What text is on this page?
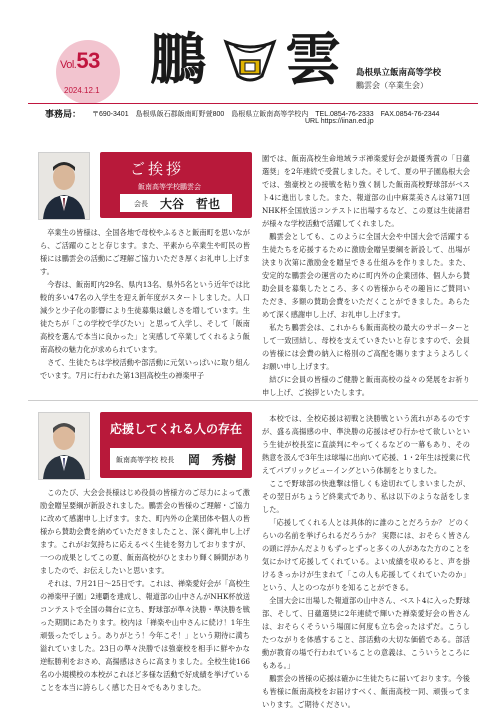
Vol.53
2024.12.1 鵬 雲 島根県立飯南高等学校
鵬雲会（卒業生会）
事務局： 〒690-3401　島根県飯石郡飯南町野萱800　島根県立飯南高等学校内　TEL.0854-76-2333　FAX.0854-76-2344
URL https://iinan.ed.jp
ご挨拶
飯南高等学校鵬雲会
会長 大谷　哲也

卒業生の皆様は、全国各地で母校やふるさと飯南町を思いながら、ご活躍のことと存じます。また、平素から卒業生や町民の皆様には鵬雲会の活動にご理解ご協力いただき厚くお礼申し上げます。

今春は、飯南町内29名、県内13名、県外5名という近年では比較的多い47名の入学生を迎え新年度がスタートしました。人口減少と少子化の影響により生徒募集は厳しさを増しています。生徒たちが「この学校で学びたい」と思って入学し、そして「飯南高校を選んで本当に良かった」と実感して卒業してくれるよう飯南高校の魅力化が求められています。

さて、生徒たちは学校活動や部活動に元気いっぱいに取り組んでいます。7月に行われた第13回高校生の禅楽甲子

園では、飯南高校生命地域ラボ禅楽愛好会が最優秀賞の「日蘊選奨」を2年連続で受賞しました。そして、夏の甲子園島根大会では、強豪校との接戦を粘り強く制した飯南高校野球部がベスト4に進出しました。また、報道部の山中麻菜美さんは第71回NHK杯全国放送コンテストに出場するなど、この夏は生徒諸君が様々な学校活動で活躍してくれました。

鵬雲会としても、このように全国大会や中国大会で活躍する生徒たちを応援するために激励金贈呈要綱を新設して、出場が決まり次第に激励金を贈呈できる仕組みを作りました。また、安定的な鵬雲会の運営のために町内外の企業団体、個人から賛助会員を募集したところ、多くの皆様からその趣旨にご賛同いただき、多額の賛助会費をいただくことができました。あらためて深く感謝申し上げ、お礼申し上げます。

私たち鵬雲会は、これからも飯南高校の最大のサポーターとして一致団結し、母校を支えていきたいと存じますので、会員の皆様には会費の納入に格別のご高配を賜りますようよろしくお願い申し上げます。

結びに会員の皆様のご健勝と飯南高校の益々の発展をお祈り申し上げ、ご挨拶といたします。

応援してくれる人の存在
飯南高等学校 校長 岡　秀樹

このたび、大会会長様はじめ役員の皆様方のご尽力によって激励金贈呈要綱が新設されました。鵬雲会の皆様のご理解・ご協力に改めて感謝申し上げます。また、町内外の企業団体や個人の皆様から賛助会費を納めていただきましたこと、深く御礼申し上げます。これがお気持ちに応えるべく生徒を努力しておりますが、一つの成果としてこの夏、飯南高校がひとまわり輝く瞬間がありましたので、お伝えしたいと思います。

それは、7月21日〜25日です。これは、禅楽愛好会が「高校生の禅楽甲子園」2連覇を達成し、報道部の山中さんがNHK杯放送コンテストで全国の舞台に立ち、野球部が準々決勝・準決勝を戦った期間にあたります。校内は「禅楽や山中さんに続け！1年生頑張ったでしょう。ありがとう！今年こそ！」という期待に満ち溢れていました。23日の準々決勝では強豪校を相手に鮮やかな逆転勝利をおさめ、高揚感はさらに高まりました。全校生徒166名の小規模校の本校がこれほど多様な活動で好成績を挙げていることを本当に誇らしく感じた日々でもありました。

本校では、全校応援は初戦と決勝戦という流れがあるのですが、盛る高揚感の中、準決勝の応援はぜひ行かせて欲しいという生徒が校長室に直談判にやってくるなどの一幕もあり、その熱意を汲んで3年生は球場に出向いて応援、1・2年生は授業に代えてパブリックビューイングという体制をとりました。

ここで野球部の快進撃は惜しくも途切れてしまいましたが、その翌日がちょうど終業式であり、私は以下のような話をしました。

「応援してくれる人とは具体的に誰のことだろうか？ どのくらいの名前を挙げられるだろうか？ 実際には、おそらく皆さんの頭に浮かんだよりもずっとずっと多くの人があなた方のことを気にかけて応援してくれている。よい成績を収めると、声を掛けるきっかけが生まれて「この人も応援してくれていたのか」という、人とのつながりを知ることができる。

全国大会に出場した報道部の山中さん、ベスト4に入った野球部、そして、日蘊選奨に2年連続で輝いた禅楽愛好会の皆さんは、おそらくそういう場面に何度も立ち会ったはずだ。こうしたつながりを体感すること、部活動の大切な価値である。部活動が教育の場で行われていることの意義は、こういうところにもある。」

鵬雲会の皆様の応援は確かに生徒たちに届いております。今後も皆様に飯南高校をお届けすべく、飯南高校一同、頑張ってまいります。ご期待ください。
